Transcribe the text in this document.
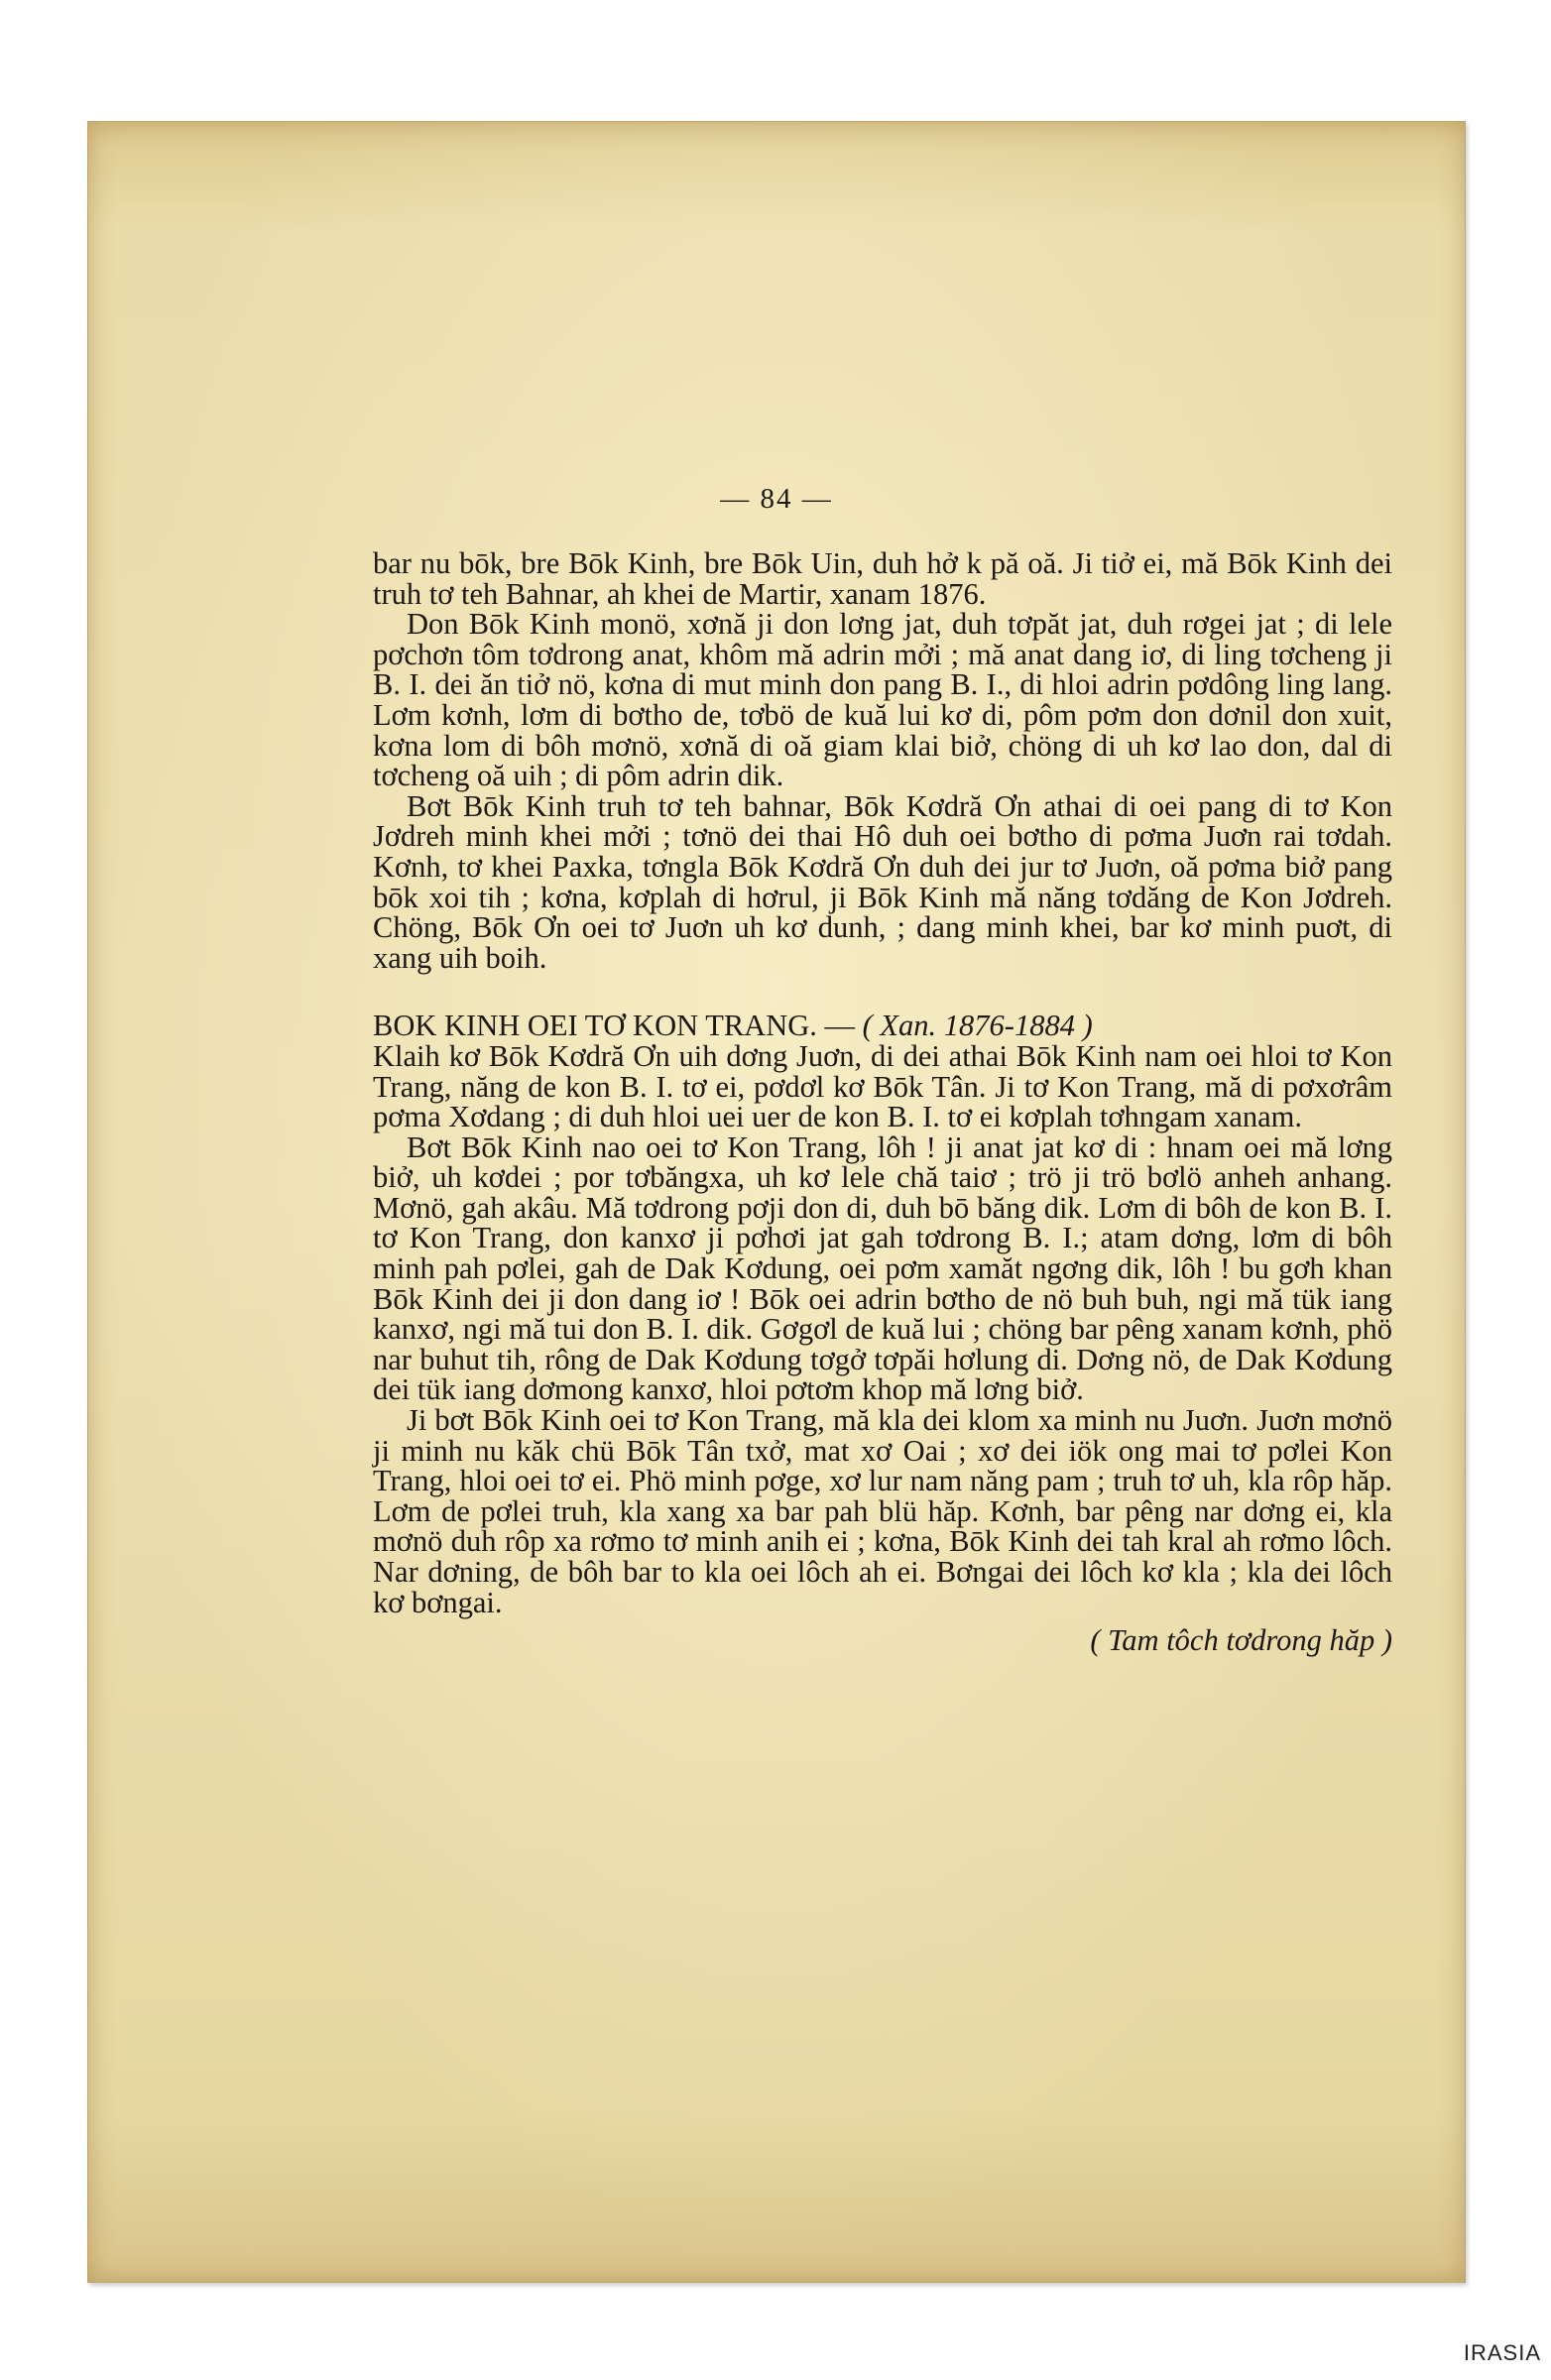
— 84 —

bar nu bōk, bre Bōk Kinh, bre Bōk Uin, duh hở k pă oă. Ji tiở ei, mă Bōk Kinh dei truh tơ teh Bahnar, ah khei de Martir, xanam 1876.

Don Bōk Kinh monö, xơnă ji don lơng jat, duh tơpăt jat, duh rơgei jat ; di lele pơchơn tôm tơdrong anat, khôm mă adrin mởi ; mă anat dang iơ, di ling tơcheng ji B. I. dei ăn tiở nö, kơna di mut minh don pang B. I., di hloi adrin pơdông ling lang. Lơm kơnh, lơm di bơtho de, tơbö de kuă lui kơ di, pôm pơm don dơnil don xuit, kơna lom di bôh mơnö, xơnă di oă giam klai biở, chöng di uh kơ lao don, dal di tơcheng oă uih ; di pôm adrin dik.

Bơt Bōk Kinh truh tơ teh bahnar, Bōk Kơdră Ơn athai di oei pang di tơ Kon Jơdreh minh khei mởi ; tơnö dei thai Hô duh oei bơtho di pơma Juơn rai tơdah. Kơnh, tơ khei Paxka, tơngla Bōk Kơdră Ơn duh dei jur tơ Juơn, oă pơma biở pang bōk xoi tih ; kơna, kơplah di hơrul, ji Bōk Kinh mă năng tơdăng de Kon Jơdreh. Chöng, Bōk Ơn oei tơ Juơn uh kơ dunh, ; dang minh khei, bar kơ minh puơt, di xang uih boih.

BOK KINH OEI TƠ KON TRANG. — ( Xan. 1876-1884 )

Klaih kơ Bōk Kơdră Ơn uih dơng Juơn, di dei athai Bōk Kinh nam oei hloi tơ Kon Trang, năng de kon B. I. tơ ei, pơdơl kơ Bōk Tân. Ji tơ Kon Trang, mă di pơxơrâm pơma Xơdang ; di duh hloi uei uer de kon B. I. tơ ei kơplah tơhngam xanam.

Bơt Bōk Kinh nao oei tơ Kon Trang, lôh ! ji anat jat kơ di : hnam oei mă lơng biở, uh kơdei ; por tơbăngxa, uh kơ lele chă taiơ ; trö ji trö bơlö anheh anhang. Mơnö, gah akâu. Mă tơdrong pơji don di, duh bō băng dik. Lơm di bôh de kon B. I. tơ Kon Trang, don kanxơ ji pơhơi jat gah tơdrong B. I.; atam dơng, lơm di bôh minh pah pơlei, gah de Dak Kơdung, oei pơm xamăt ngơng dik, lôh ! bu gơh khan Bōk Kinh dei ji don dang iơ ! Bōk oei adrin bơtho de nö buh buh, ngi mă tük iang kanxơ, ngi mă tui don B. I. dik. Gơgơl de kuă lui ; chöng bar pêng xanam kơnh, phö nar buhut tih, rông de Dak Kơdung tơgở tơpăi hơlung di. Dơng nö, de Dak Kơdung dei tük iang dơmong kanxơ, hloi pơtơm khop mă lơng biở.

Ji bơt Bōk Kinh oei tơ Kon Trang, mă kla dei klom xa minh nu Juơn. Juơn mơnö ji minh nu kăk chü Bōk Tân txở, mat xơ Oai ; xơ dei iök ong mai tơ pơlei Kon Trang, hloi oei tơ ei. Phö minh pơge, xơ lur nam năng pam ; truh tơ uh, kla rôp hăp. Lơm de pơlei truh, kla xang xa bar pah blü hăp. Kơnh, bar pêng nar dơng ei, kla mơnö duh rôp xa rơmo tơ minh anih ei ; kơna, Bōk Kinh dei tah kral ah rơmo lôch. Nar dơning, de bôh bar to kla oei lôch ah ei. Bơngai dei lôch kơ kla ; kla dei lôch kơ bơngai.

( Tam tôch tơdrong hăp )

IRASIA
